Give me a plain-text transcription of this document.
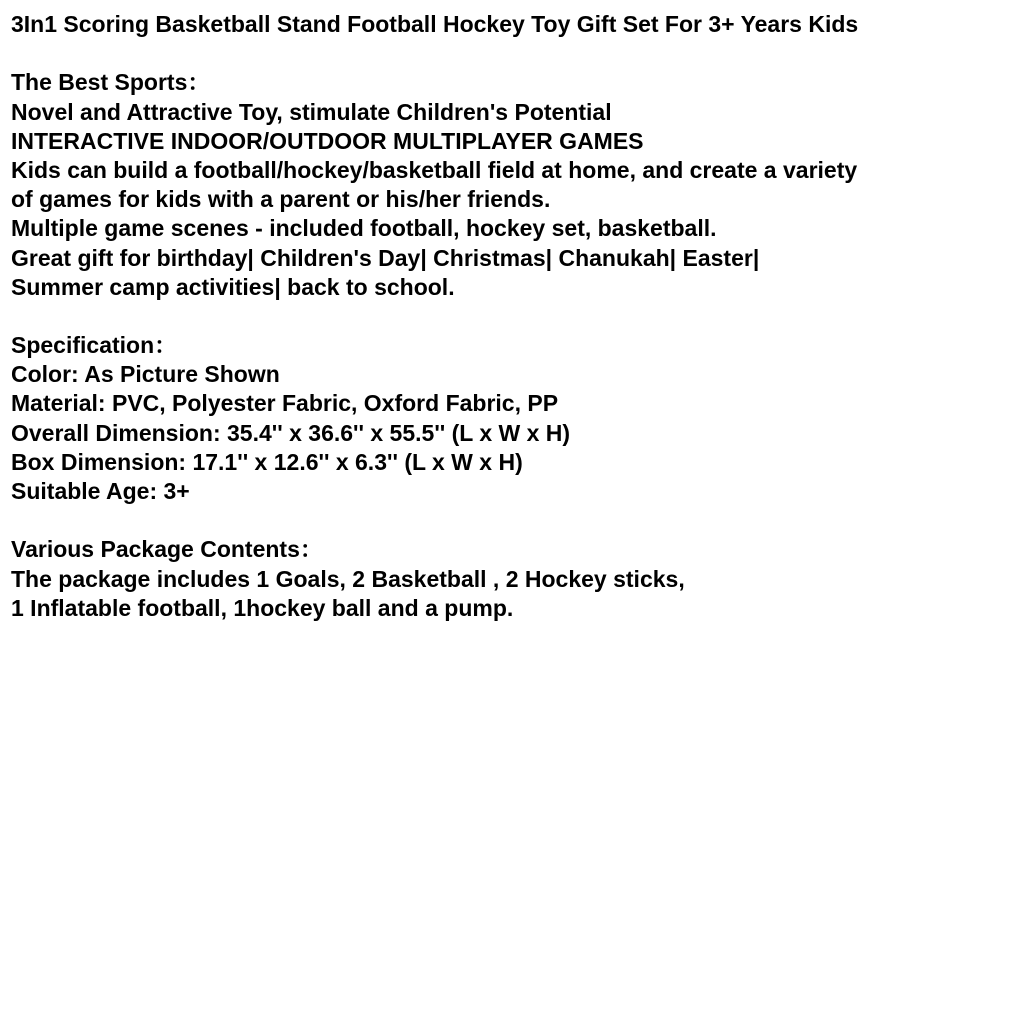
3In1 Scoring Basketball Stand Football Hockey Toy Gift Set For 3+ Years Kids
The Best Sports：
Novel and Attractive Toy, stimulate Children's Potential
INTERACTIVE INDOOR/OUTDOOR MULTIPLAYER GAMES
Kids can build a football/hockey/basketball field at home, and create a variety
of games for kids with a parent or his/her friends.
Multiple game scenes - included football, hockey set, basketball.
Great gift for birthday| Children's Day| Christmas| Chanukah| Easter|
Summer camp activities| back to school.
Specification：
Color: As Picture Shown
Material: PVC, Polyester Fabric, Oxford Fabric, PP
Overall Dimension: 35.4'' x 36.6'' x 55.5'' (L x W x H)
Box Dimension: 17.1'' x 12.6'' x 6.3'' (L x W x H)
Suitable Age: 3+
Various Package Contents：
The package includes 1 Goals, 2 Basketball , 2 Hockey sticks,
1 Inflatable football, 1hockey ball and a pump.
